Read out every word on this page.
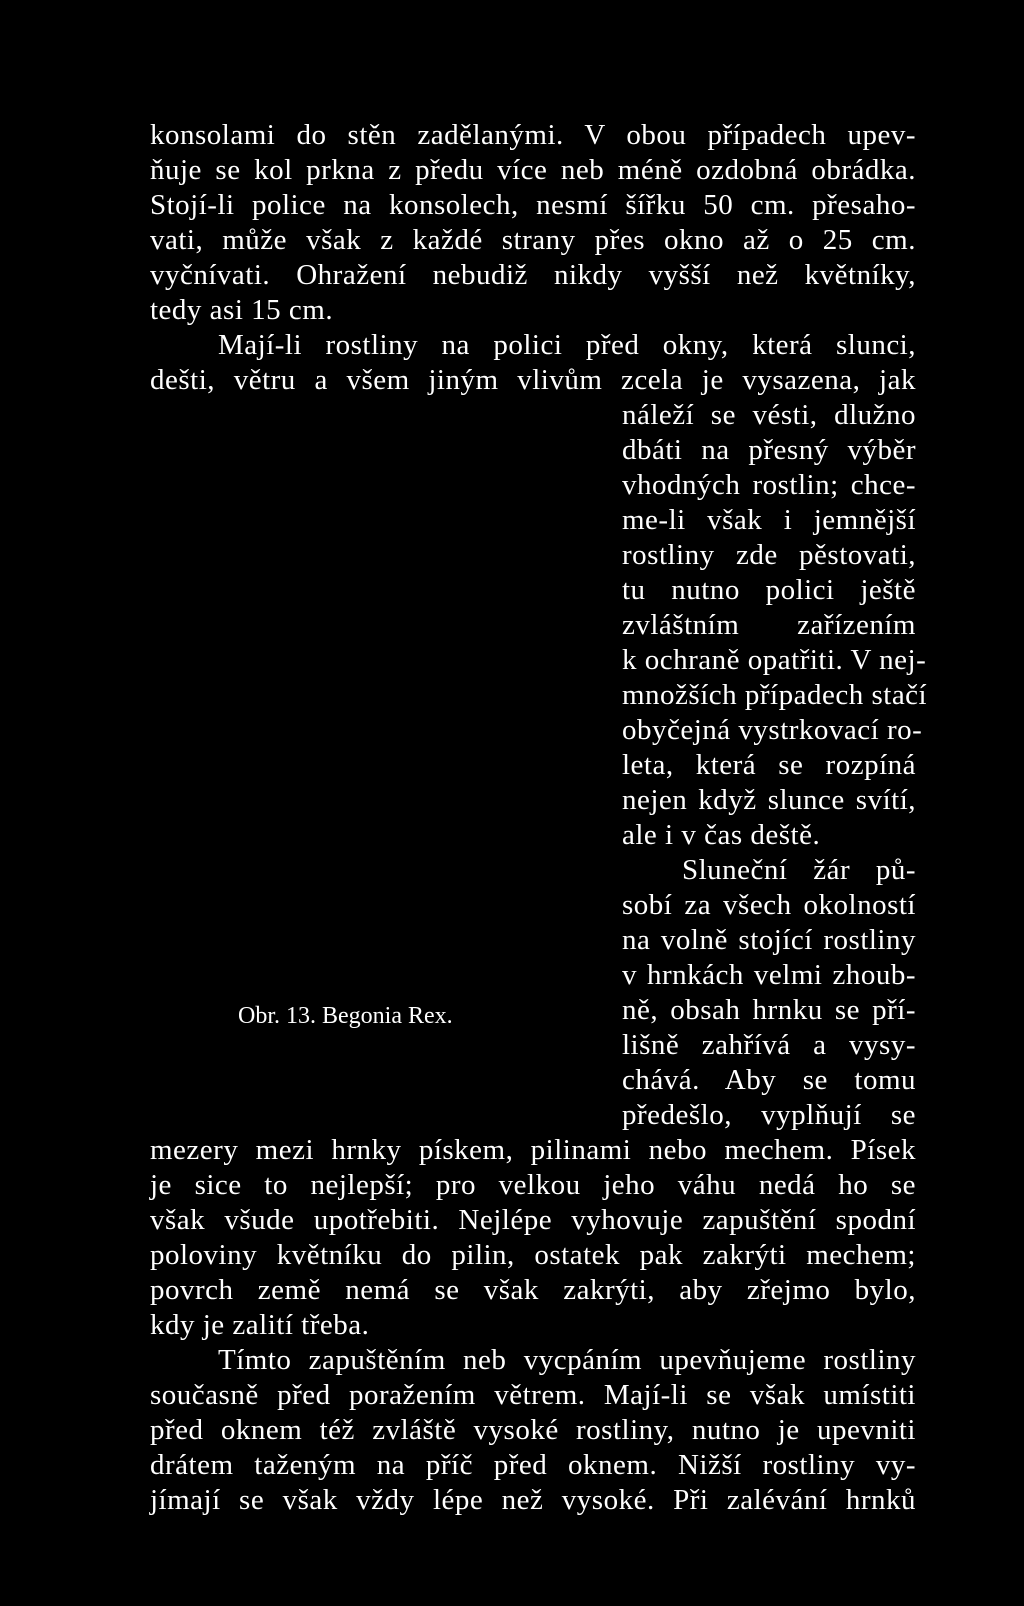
konsolami do stěn zadělanými. V obou případech upev-
ňuje se kol prkna z předu více neb méně ozdobná obrádka.
Stojí-li police na konsolech, nesmí šířku 50 cm. přesaho-
vati, může však z každé strany přes okno až o 25 cm.
vyčnívati. Ohražení nebudiž nikdy vyšší než květníky,
tedy asi 15 cm.
Mají-li rostliny na polici před okny, která slunci,
dešti, větru a všem jiným vlivům zcela je vysazena, jak
náleží se vésti, dlužno
dbáti na přesný výběr
vhodných rostlin; chce-
me-li však i jemnější
rostliny zde pěstovati,
tu nutno polici ještě
zvláštním zařízením
k ochraně opatřiti. V nej-
množších případech stačí
obyčejná vystrkovací ro-
leta, která se rozpíná
nejen když slunce svítí,
ale i v čas deště.
Sluneční žár pů-
sobí za všech okolností
na volně stojící rostliny
v hrnkách velmi zhoub-
ně, obsah hrnku se pří-
lišně zahřívá a vysy-
chává. Aby se tomu
předešlo, vyplňují se
Obr. 13. Begonia Rex.
mezery mezi hrnky pískem, pilinami nebo mechem. Písek
je sice to nejlepší; pro velkou jeho váhu nedá ho se
však všude upotřebiti. Nejlépe vyhovuje zapuštění spodní
poloviny květníku do pilin, ostatek pak zakrýti mechem;
povrch země nemá se však zakrýti, aby zřejmo bylo,
kdy je zalití třeba.
Tímto zapuštěním neb vycpáním upevňujeme rostliny
současně před poražením větrem. Mají-li se však umístiti
před oknem též zvláště vysoké rostliny, nutno je upevniti
drátem taženým na příč před oknem. Nižší rostliny vy-
jímají se však vždy lépe než vysoké. Při zalévání hrnků
